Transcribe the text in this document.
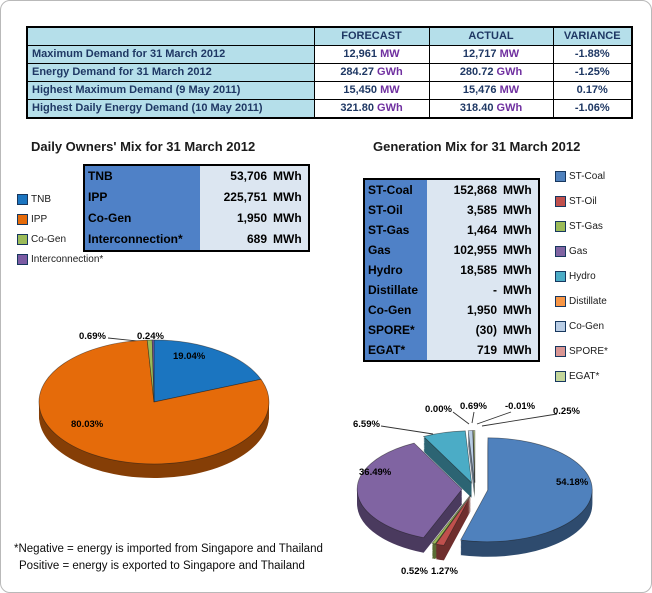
	FORECAST	ACTUAL	VARIANCE
Maximum Demand for 31 March 2012	12,961 MW	12,717 MW	-1.88%
Energy Demand for 31 March 2012	284.27 GWh	280.72 GWh	-1.25%
Highest Maximum Demand (9 May 2011)	15,450 MW	15,476 MW	0.17%
Highest Daily Energy Demand (10 May 2011)	321.80 GWh	318.40 GWh	-1.06%
Daily Owners' Mix for 31 March 2012	Generation Mix for 31 March 2012
TNB
IPP
Co-Gen
Interconnection*
ST-Coal
ST-Oil
ST-Gas
Gas
Hydro
Distillate
Co-Gen
SPORE*
EGAT*
TNB	53,706	MWh
IPP	225,751	MWh
Co-Gen	1,950	MWh
Interconnection*	689	MWh
ST-Coal	152,868	MWh
ST-Oil	3,585	MWh
ST-Gas	1,464	MWh
Gas	102,955	MWh
Hydro	18,585	MWh
Distillate	-	MWh
Co-Gen	1,950	MWh
SPORE*	(30)	MWh
EGAT*	719	MWh
0.69%	0.24%
19.04%
80.03%
0.00% 0.69% -0.01% 0.25%
6.59%
36.49%
54.18%
0.52% 1.27%
*Negative = energy is imported from Singapore and Thailand
Positive = energy is exported to Singapore and Thailand
